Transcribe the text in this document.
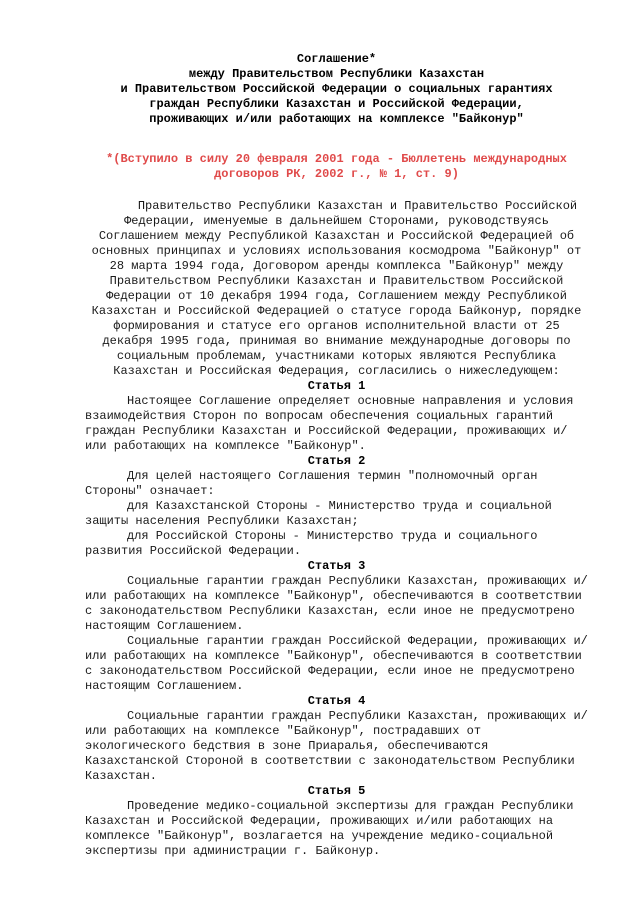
Соглашение*
между Правительством Республики Казахстан
и Правительством Российской Федерации о социальных гарантиях
граждан Республики Казахстан и Российской Федерации,
проживающих и/или работающих на комплексе "Байконур"

*(Вступило в силу 20 февраля 2001 года - Бюллетень международных договоров РК, 2002 г., № 1, ст. 9)

Правительство Республики Казахстан и Правительство Российской Федерации, именуемые в дальнейшем Сторонами, руководствуясь Соглашением между Республикой Казахстан и Российской Федерацией об основных принципах и условиях использования космодрома "Байконур" от 28 марта 1994 года, Договором аренды комплекса "Байконур" между Правительством Республики Казахстан и Правительством Российской Федерации от 10 декабря 1994 года, Соглашением между Республикой Казахстан и Российской Федерацией о статусе города Байконур, порядке формирования и статусе его органов исполнительной власти от 25 декабря 1995 года, принимая во внимание международные договоры по социальным проблемам, участниками которых являются Республика Казахстан и Российская Федерация, согласились о нижеследующем:

Статья 1

Настоящее Соглашение определяет основные направления и условия взаимодействия Сторон по вопросам обеспечения социальных гарантий граждан Республики Казахстан и Российской Федерации, проживающих и/или работающих на комплексе "Байконур".

Статья 2

Для целей настоящего Соглашения термин "полномочный орган Стороны" означает:

для Казахстанской Стороны - Министерство труда и социальной защиты населения Республики Казахстан;

для Российской Стороны - Министерство труда и социального развития Российской Федерации.

Статья 3

Социальные гарантии граждан Республики Казахстан, проживающих и/или работающих на комплексе "Байконур", обеспечиваются в соответствии с законодательством Республики Казахстан, если иное не предусмотрено настоящим Соглашением.

Социальные гарантии граждан Российской Федерации, проживающих и/или работающих на комплексе "Байконур", обеспечиваются в соответствии с законодательством Российской Федерации, если иное не предусмотрено настоящим Соглашением.

Статья 4

Социальные гарантии граждан Республики Казахстан, проживающих и/или работающих на комплексе "Байконур", пострадавших от экологического бедствия в зоне Приаралья, обеспечиваются Казахстанской Стороной в соответствии с законодательством Республики Казахстан.

Статья 5

Проведение медико-социальной экспертизы для граждан Республики Казахстан и Российской Федерации, проживающих и/или работающих на комплексе "Байконур", возлагается на учреждение медико-социальной экспертизы при администрации г. Байконур.
